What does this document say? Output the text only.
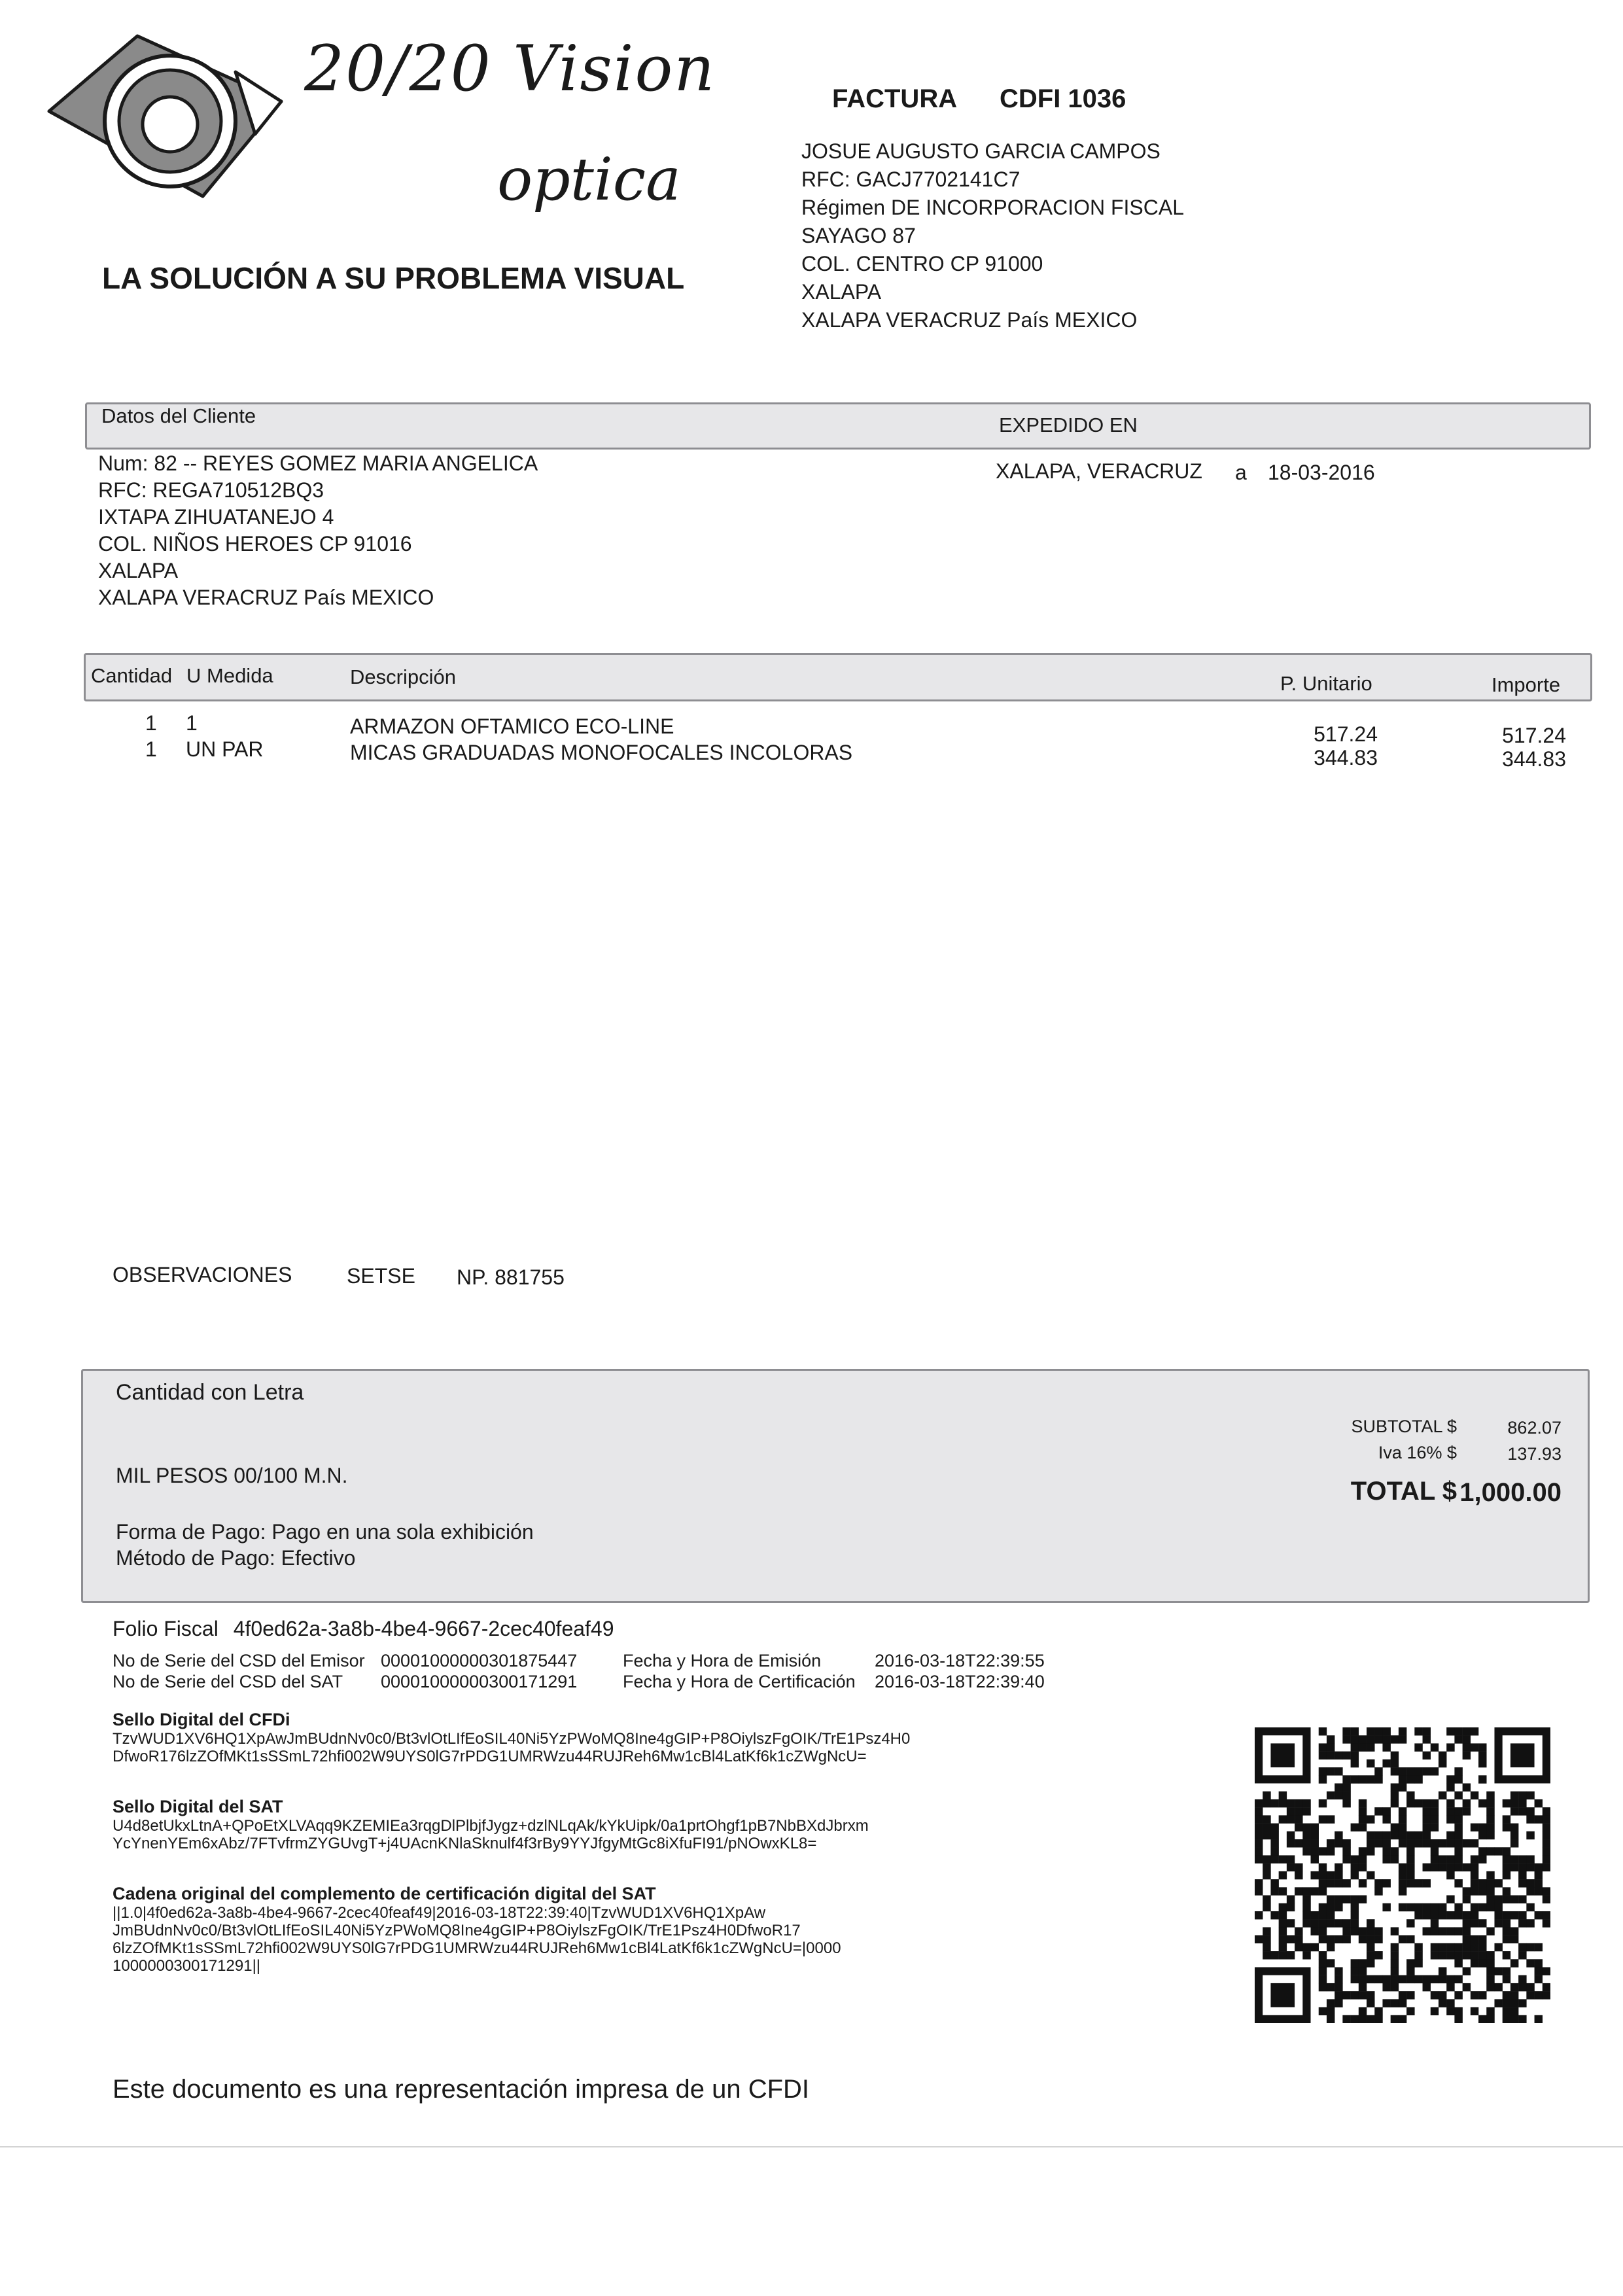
20/20 Vision
optica
LA SOLUCIÓN A SU PROBLEMA VISUAL
FACTURA CDFI 1036
JOSUE AUGUSTO GARCIA CAMPOS
RFC: GACJ7702141C7
Régimen DE INCORPORACION FISCAL
SAYAGO 87
COL. CENTRO CP 91000
XALAPA
XALAPA VERACRUZ País MEXICO
Datos del Cliente	EXPEDIDO EN
Num: 82 -- REYES GOMEZ MARIA ANGELICA
RFC: REGA710512BQ3
IXTAPA ZIHUATANEJO 4
COL. NIÑOS HEROES CP 91016
XALAPA
XALAPA VERACRUZ País MEXICO
XALAPA, VERACRUZ a 18-03-2016
Cantidad U Medida	Descripción	P. Unitario	Importe
1 1	ARMAZON OFTAMICO ECO-LINE	517.24	517.24
1 UN PAR	MICAS GRADUADAS MONOFOCALES INCOLORAS	344.83	344.83
OBSERVACIONES	SETSE NP. 881755
Cantidad con Letra
MIL PESOS 00/100 M.N.
Forma de Pago: Pago en una sola exhibición
Método de Pago: Efectivo
SUBTOTAL $	862.07
Iva 16% $	137.93
TOTAL $ 1,000.00
Folio Fiscal 4f0ed62a-3a8b-4be4-9667-2cec40feaf49
No de Serie del CSD del Emisor 00001000000301875447	Fecha y Hora de Emisión	2016-03-18T22:39:55
No de Serie del CSD del SAT 00001000000300171291	Fecha y Hora de Certificación 2016-03-18T22:39:40
Sello Digital del CFDi
TzvWUD1XV6HQ1XpAwJmBUdnNv0c0/Bt3vlOtLIfEoSIL40Ni5YzPWoMQ8Ine4gGIP+P8OiylszFgOIK/TrE1Psz4H0
DfwoR176lzZOfMKt1sSSmL72hfi002W9UYS0lG7rPDG1UMRWzu44RUJReh6Mw1cBl4LatKf6k1cZWgNcU=
Sello Digital del SAT
U4d8etUkxLtnA+QPoEtXLVAqq9KZEMIEa3rqgDlPlbjfJygz+dzlNLqAk/kYkUipk/0a1prtOhgf1pB7NbBXdJbrxm
YcYnenYEm6xAbz/7FTvfrmZYGUvgT+j4UAcnKNlaSknulf4f3rBy9YYJfgyMtGc8iXfuFI91/pNOwxKL8=
Cadena original del complemento de certificación digital del SAT
||1.0|4f0ed62a-3a8b-4be4-9667-2cec40feaf49|2016-03-18T22:39:40|TzvWUD1XV6HQ1XpAw
JmBUdnNv0c0/Bt3vlOtLIfEoSIL40Ni5YzPWoMQ8Ine4gGIP+P8OiylszFgOIK/TrE1Psz4H0DfwoR17
6lzZOfMKt1sSSmL72hfi002W9UYS0lG7rPDG1UMRWzu44RUJReh6Mw1cBl4LatKf6k1cZWgNcU=|0000
1000000300171291||
Este documento es una representación impresa de un CFDI
